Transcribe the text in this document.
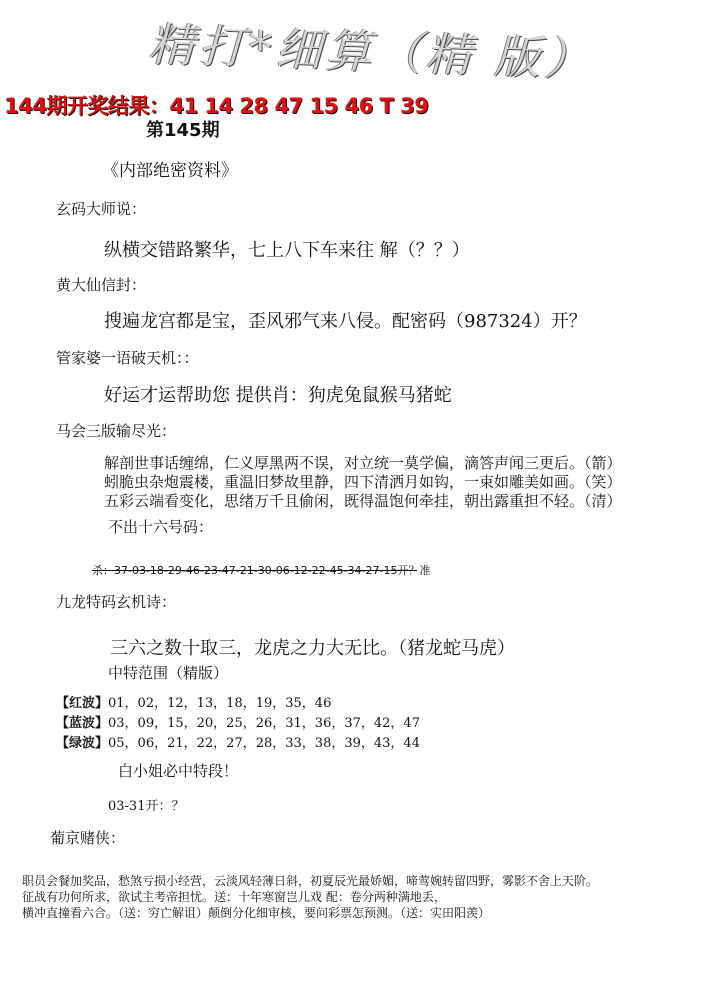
精打*细算（精 版）
144期开奖结果：41 14 28 47 15 46 T 39
第145期
《内部绝密资料》
玄码大师说：
纵横交错路繁华，七上八下车来往 解（？？）
黄大仙信封：
搜遍龙宫都是宝，歪风邪气来八侵。配密码（987324）开？
管家婆一语破天机：：
好运才运帮助您 提供肖：狗虎兔鼠猴马猪蛇
马会三版输尽光：
解剖世事话缠绵，仁义厚黑两不误，对立统一莫学偏，滴答声闻三更后。（箭）
蚓脆虫杂炮震楼，重温旧梦故里静，四下清洒月如钩，一束如雕美如画。（笑）
五彩云端看变化，思绪万千且偷闲，既得温饱何牵挂，朝出露重担不轻。（清）
不出十六号码：
杀：37-03-18-29-46-23-47-21-30-06-12-22-45-34-27-15开？准
九龙特码玄机诗：
三六之数十取三，龙虎之力大无比。（猪龙蛇马虎）
中特范围（精版）
【红波】01，02，12，13，18，19，35，46
【蓝波】03，09，15，20，25，26，31，36，37，42，47
【绿波】05，06，21，22，27，28，33，38，39，43，44
白小姐必中特段！
03-31开：？
葡京赌侠：
职员会餐加奖品，愁煞亏损小经营，云淡风轻薄日斜，初夏辰光最娇媚，啼莺婉转留四野，雾影不舍上天阶。
征战有功何所求，欲试主考帝担忧。送：十年寒窗岂儿戏 配：卷分两种满地丢，
横冲直撞看六合。（送：穷亡解诅）颠倒分化细审核，要问彩票怎预测。（送：实田阳羡）
